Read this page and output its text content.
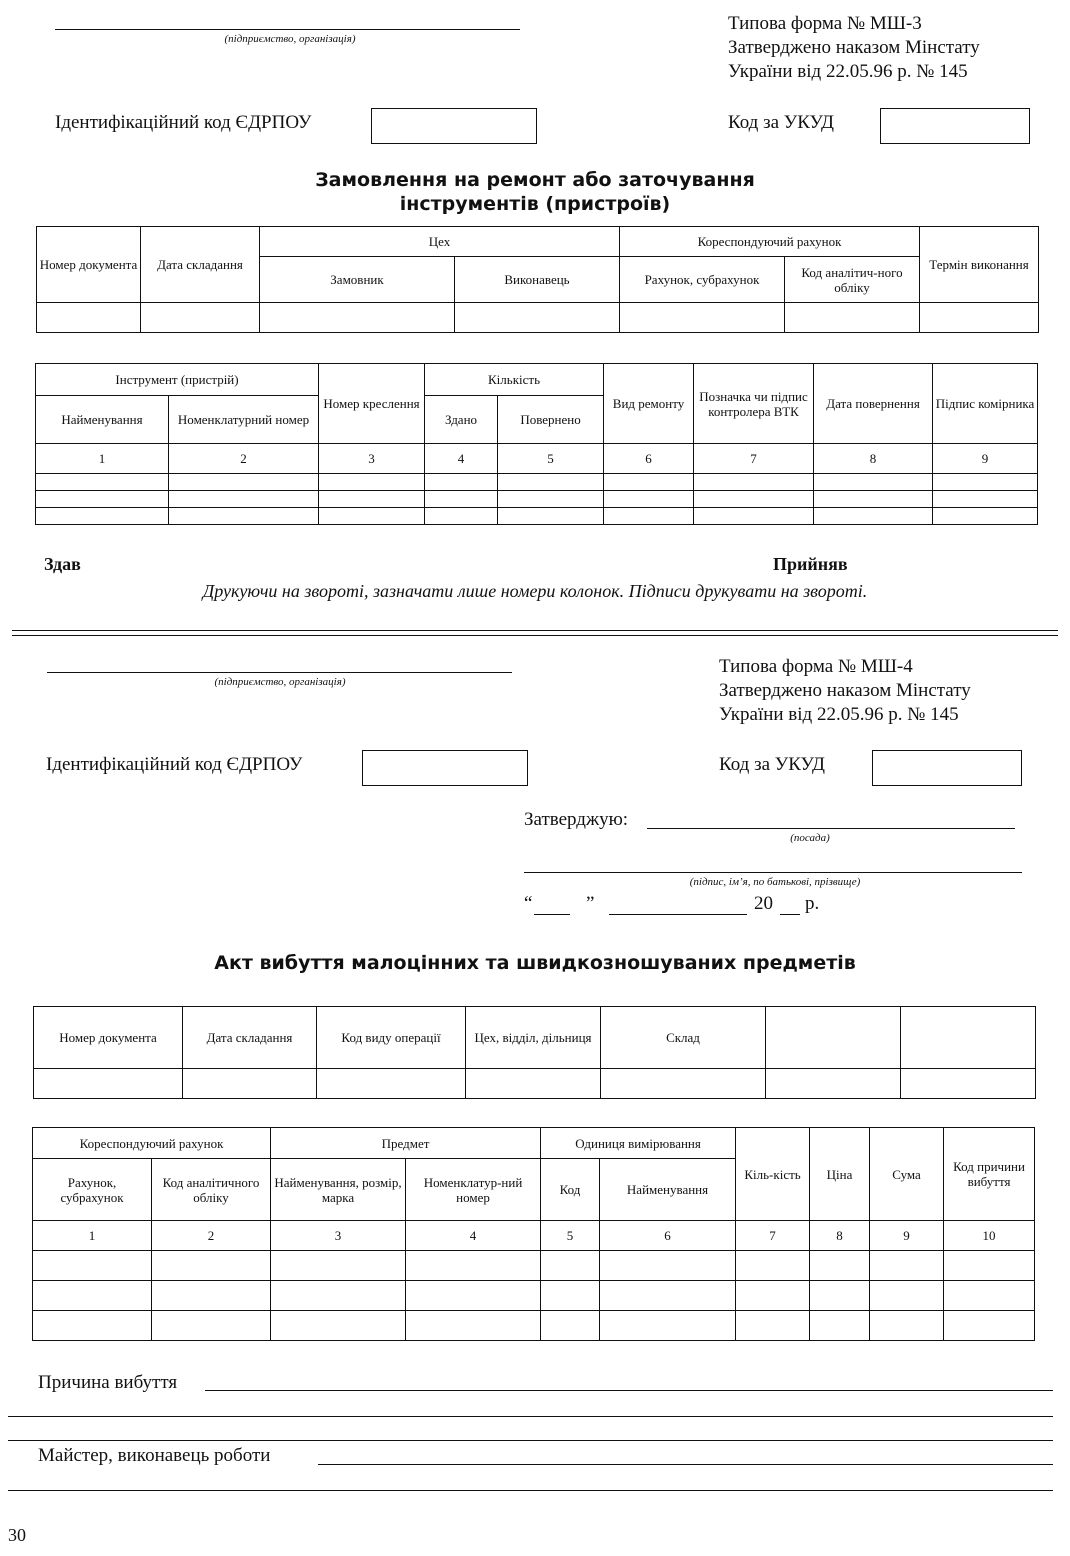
(підприємство, організація)
Типова форма № МШ-3
Затверджено наказом Мінстату
України від 22.05.96 р. № 145
Ідентифікаційний код ЄДРПОУ	Код за УКУД
Замовлення на ремонт або заточування
інструментів (пристроїв)
Номер документа	Дата складання	Цех		Кореспондуючий рахунок		Термін виконання
		Замовник	Виконавець	Рахунок, субрахунок	Код аналітич-ного обліку	

Інструмент (пристрій)		Номер креслення	Кількість		Вид ремонту	Позначка чи підпис контролера ВТК	Дата повернення	Підпис комірника
Найменування	Номенклатурний номер		Здано	Повернено				
1	2	3	4	5	6	7	8	9

Здав	Прийняв
Друкуючи на звороті, зазначати лише номери колонок. Підписи друкувати на звороті.
(підприємство, організація)
Типова форма № МШ-4
Затверджено наказом Мінстату
України від 22.05.96 р. № 145
Ідентифікаційний код ЄДРПОУ	Код за УКУД
Затверджую:
(посада)
(підпис, ім’я, по батькові, прізвище)
“	”	20 р.
Акт вибуття малоцінних та швидкозношуваних предметів
Номер документа	Дата складання	Код виду операції	Цех, відділ, дільниця	Склад		

Кореспондуючий рахунок		Предмет		Одиниця вимірювання		Кіль-кість	Ціна	Сума	Код причини вибуття
Рахунок, субрахунок	Код аналітичного обліку	Найменування, розмір, марка	Номенклатур-ний номер	Код	Найменування				
1	2	3	4	5	6	7	8	9	10

Причина вибуття
Майстер, виконавець роботи
30
